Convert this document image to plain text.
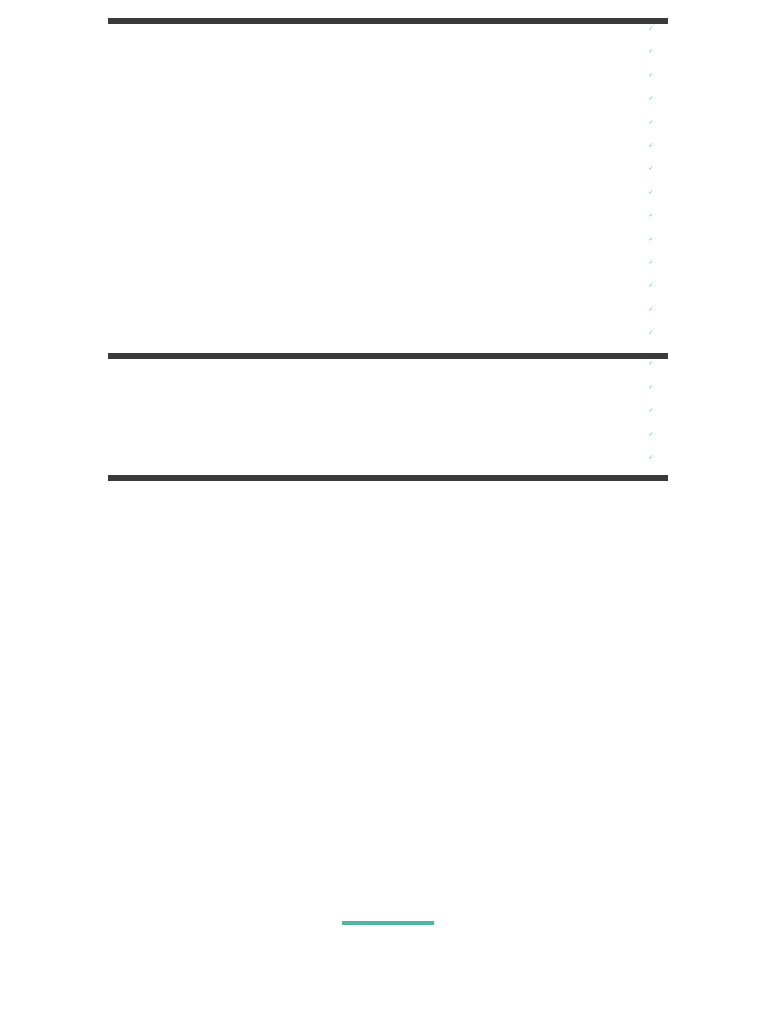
✓
✓
✓
✓
✓
✓
✓
✓
✓
✓
✓
✓
✓
✓
✓
✓
✓
✓
✓
